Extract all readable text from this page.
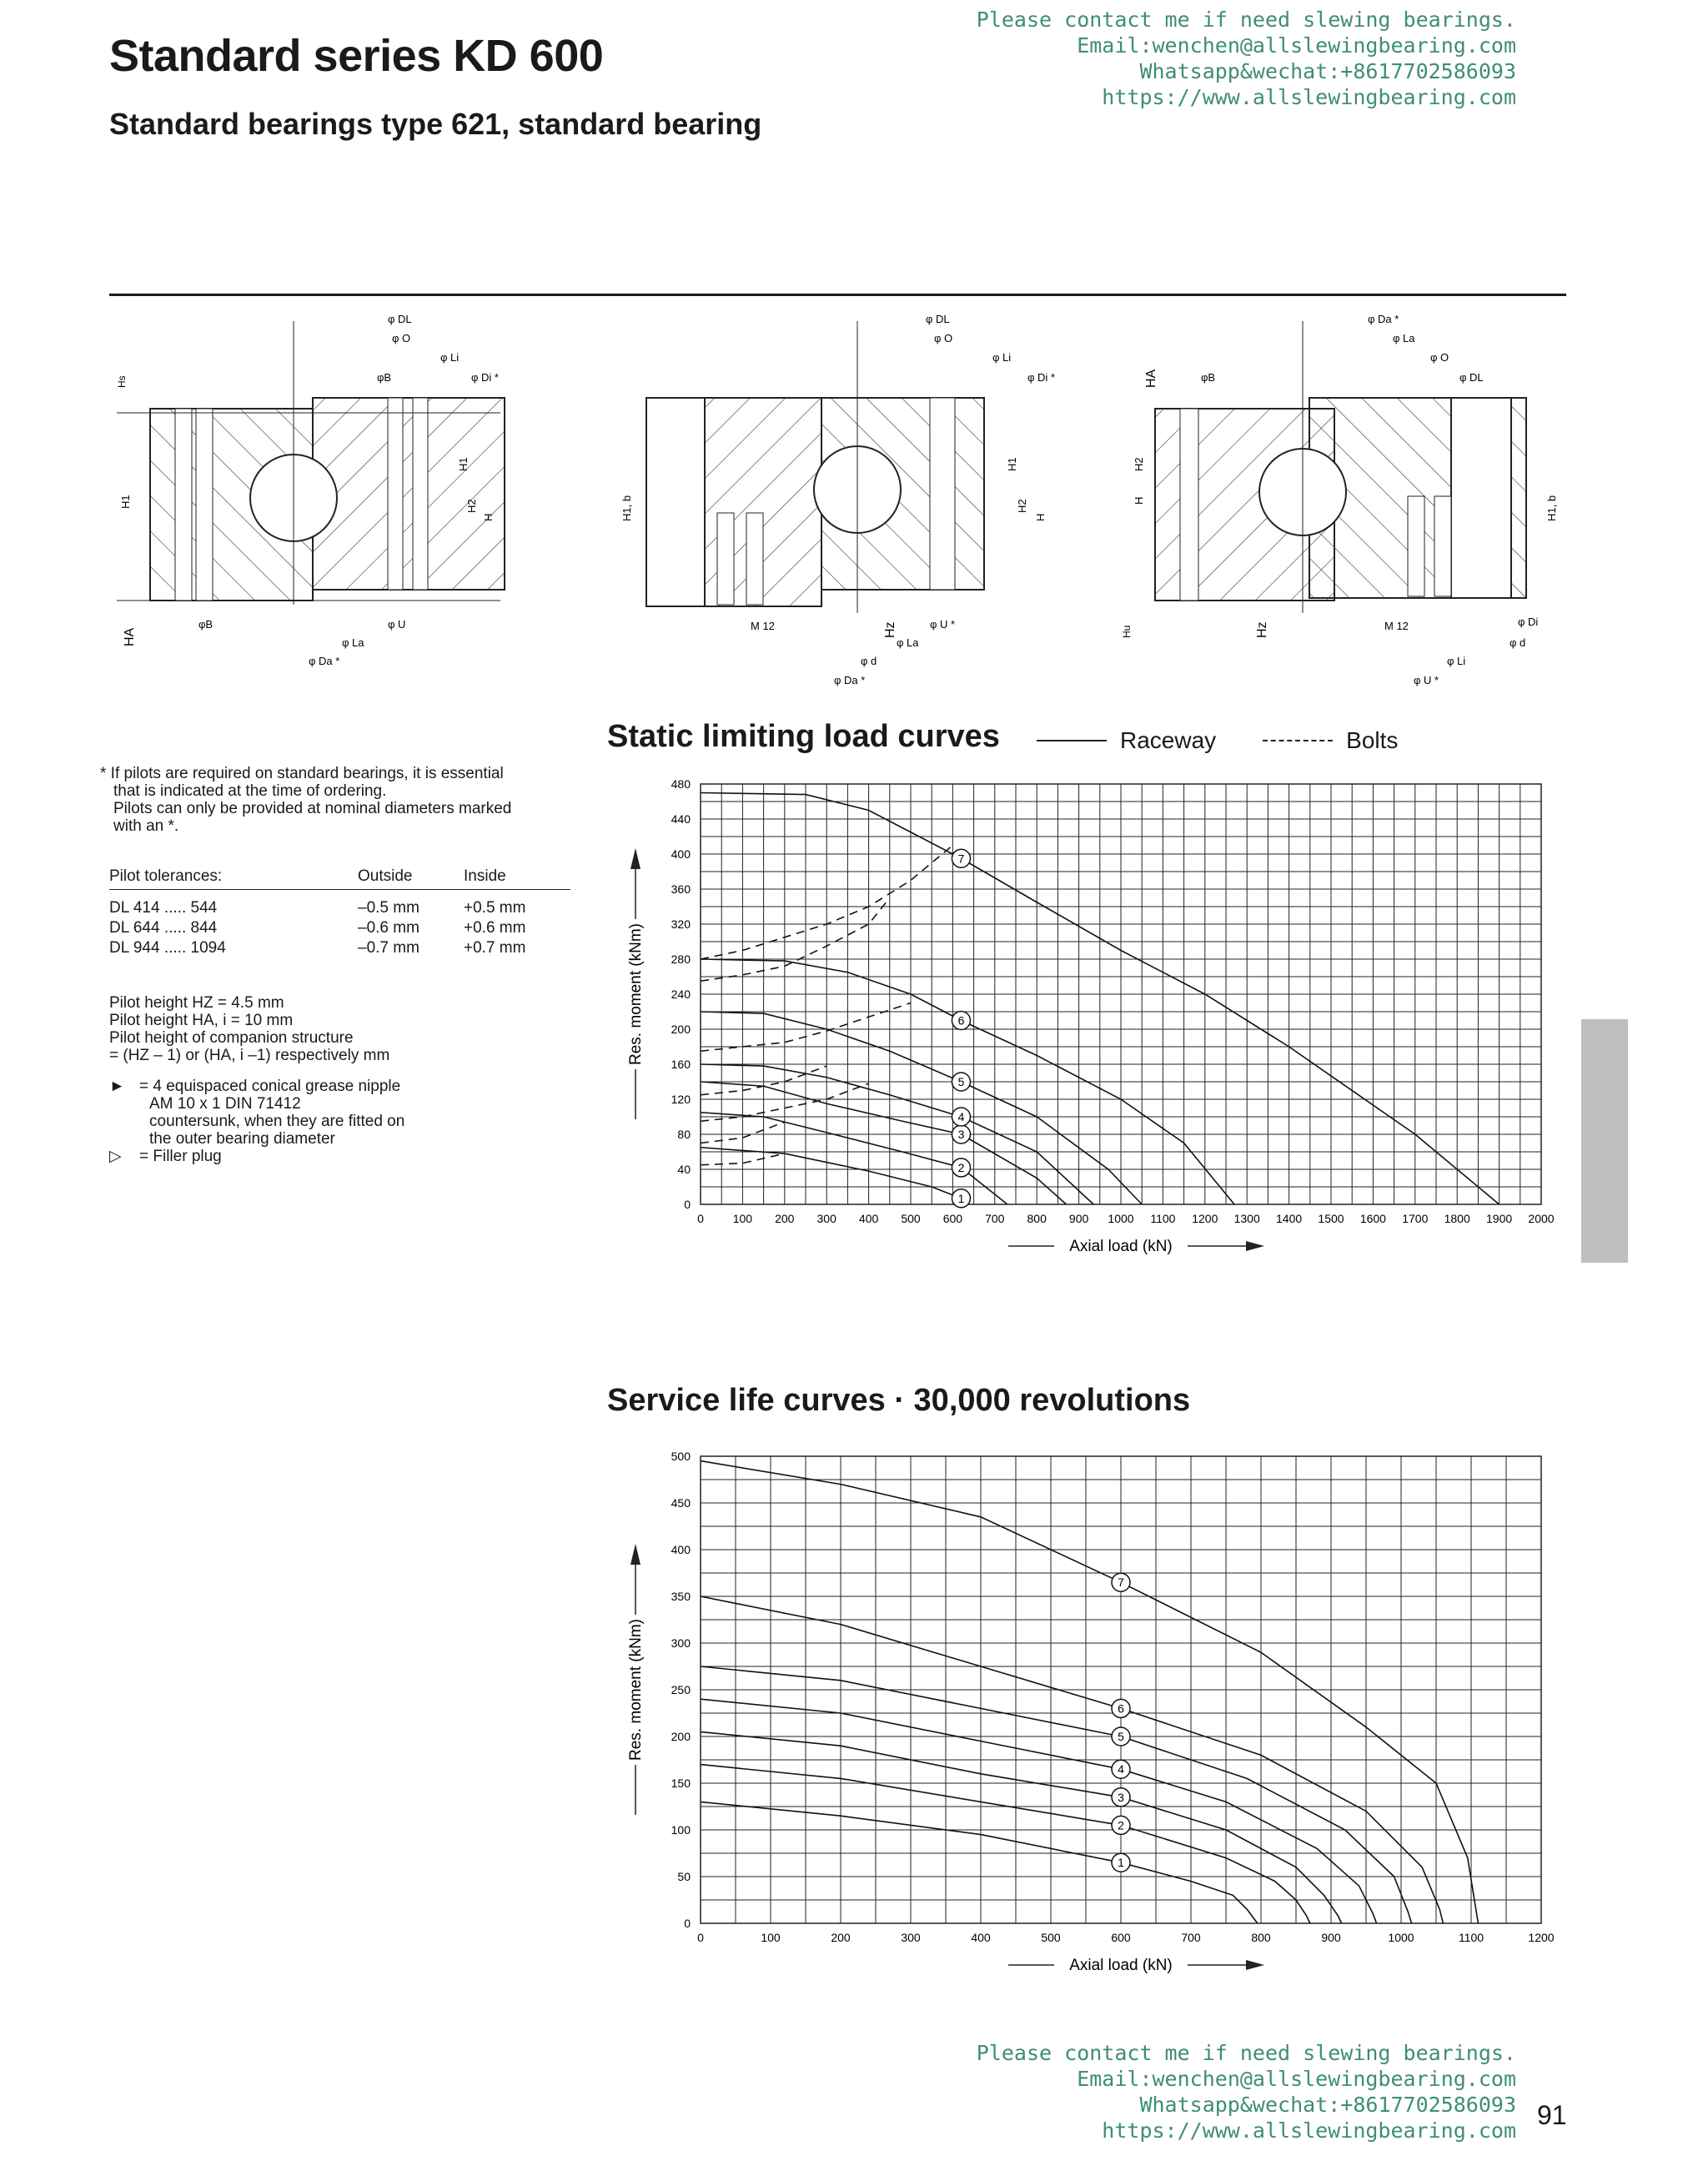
Standard series KD 600
Standard bearings type 621, standard bearing
Please contact me if need slewing bearings.
Email:wenchen@allslewingbearing.com
Whatsapp&wechat:+8617702586093
https://www.allslewingbearing.com
φ DL
φ O
φ Li
φB	φ Di *
φ U
φ La
φ Da *
φB
HA
Hs
H1
H1
H2
H
φ DL
φ O
φ Li
φ Di *
φ U *
φ La
φ d
φ Da *
M 12
H1, b
H1
H2
H
Hz
φ Da *
φ La
φ O
φ DL
φB
φ Di
φ d
φ Li
φ U *
M 12
HA
H
H2
H1, b
Hz
Hu
* If pilots are required on standard bearings, it is essential
that is indicated at the time of ordering.
Pilots can only be provided at nominal diameters marked
with an *.
Pilot tolerances:	Outside	Inside
DL 414 ..... 544	–0.5 mm	+0.5 mm
DL 644 ..... 844	–0.6 mm	+0.6 mm
DL 944 ..... 1094	–0.7 mm	+0.7 mm
Pilot height HZ = 4.5 mm
Pilot height HA, i = 10 mm
Pilot height of companion structure
= (HZ – 1) or (HA, i –1) respectively mm
► = 4 equispaced conical grease nipple
AM 10 x 1 DIN 71412
countersunk, when they are fitted on
the outer bearing diameter
▷	= Filler plug
Static limiting load curves	Raceway	Bolts
0 100 200 300 400 500 600 700 800 900 1000 1100 1200 1300 1400 1500 1600 1700 1800 1900 2000
0
40
80
120
160
200
240
280
320
360
400
440
480
Axial load (kN)
Res. moment (kNm)
1
2
3
4
5
6
7
Service life curves · 30,000 revolutions
0	100	200	300	400	500	600	700	800	900	1000	1100	1200
0
50
100
150
200
250
300
350
400
450
500
Axial load (kN)
Res. moment (kNm)
1
2
3
4
5
6
7
Please contact me if need slewing bearings.
Email:wenchen@allslewingbearing.com
Whatsapp&wechat:+8617702586093
https://www.allslewingbearing.com
91
